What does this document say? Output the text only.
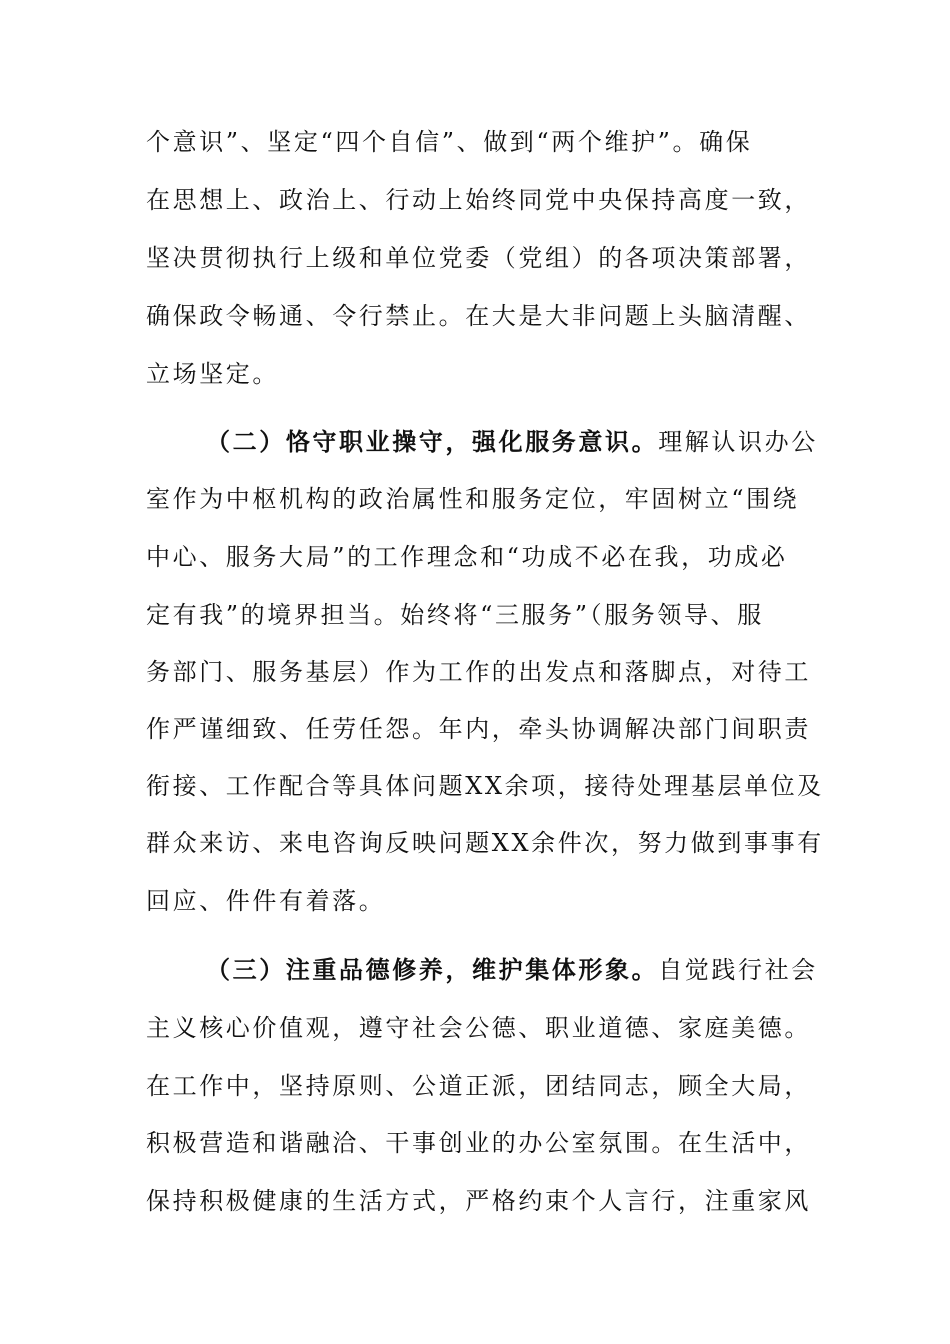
个意识”、坚定“四个自信”、做到“两个维护”。确保
在思想上、政治上、行动上始终同党中央保持高度一致，
坚决贯彻执行上级和单位党委（党组）的各项决策部署，
确保政令畅通、令行禁止。在大是大非问题上头脑清醒、
立场坚定。
（二）恪守职业操守，强化服务意识。理解认识办公
室作为中枢机构的政治属性和服务定位，牢固树立“围绕
中心、服务大局”的工作理念和“功成不必在我，功成必
定有我”的境界担当。始终将“三服务”（服务领导、服
务部门、服务基层）作为工作的出发点和落脚点，对待工
作严谨细致、任劳任怨。年内，牵头协调解决部门间职责
衔接、工作配合等具体问题XX余项，接待处理基层单位及
群众来访、来电咨询反映问题XX余件次，努力做到事事有
回应、件件有着落。
（三）注重品德修养，维护集体形象。自觉践行社会
主义核心价值观，遵守社会公德、职业道德、家庭美德。
在工作中，坚持原则、公道正派，团结同志，顾全大局，
积极营造和谐融洽、干事创业的办公室氛围。在生活中，
保持积极健康的生活方式，严格约束个人言行，注重家风
